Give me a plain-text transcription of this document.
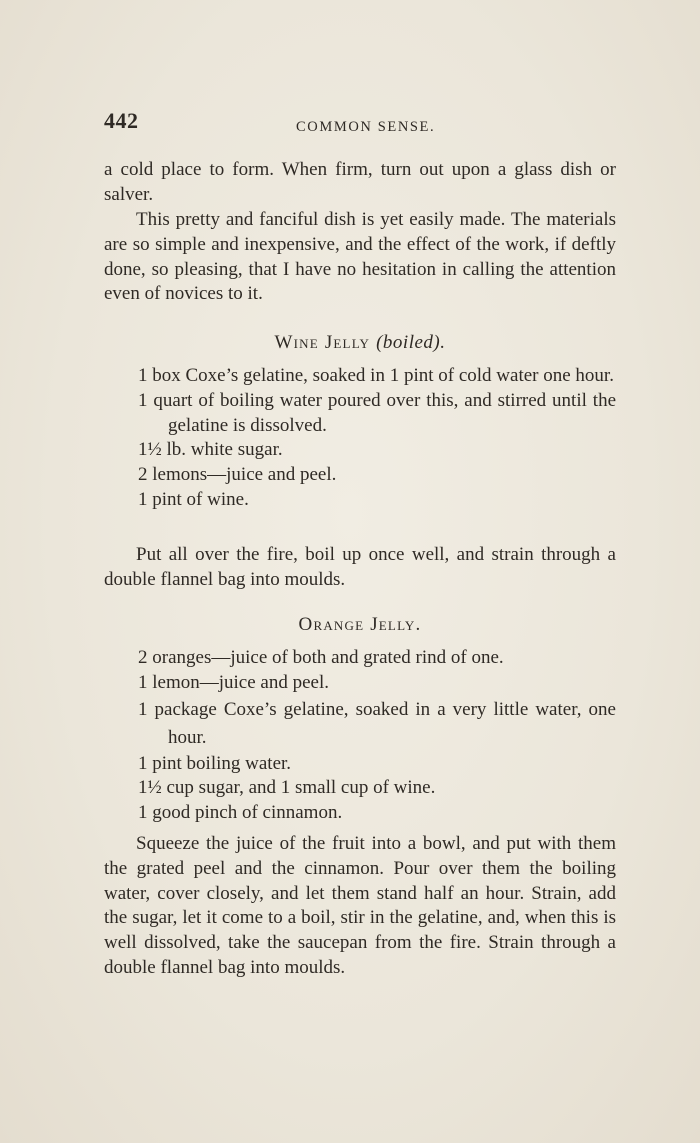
442	COMMON SENSE.

a cold place to form. When firm, turn out upon a glass dish or salver.

This pretty and fanciful dish is yet easily made. The materials are so simple and inexpensive, and the effect of the work, if deftly done, so pleasing, that I have no hesitation in calling the attention even of novices to it.

Wine Jelly (boiled).

1 box Coxe’s gelatine, soaked in 1 pint of cold water one hour.
1 quart of boiling water poured over this, and stirred until the gelatine is dissolved.
1½ lb. white sugar.
2 lemons—juice and peel.
1 pint of wine.

Put all over the fire, boil up once well, and strain through a double flannel bag into moulds.

Orange Jelly.

2 oranges—juice of both and grated rind of one.
1 lemon—juice and peel.
1 package Coxe’s gelatine, soaked in a very little water, one hour.
1 pint boiling water.
1½ cup sugar, and 1 small cup of wine.
1 good pinch of cinnamon.

Squeeze the juice of the fruit into a bowl, and put with them the grated peel and the cinnamon. Pour over them the boiling water, cover closely, and let them stand half an hour. Strain, add the sugar, let it come to a boil, stir in the gelatine, and, when this is well dissolved, take the saucepan from the fire. Strain through a double flannel bag into moulds.
